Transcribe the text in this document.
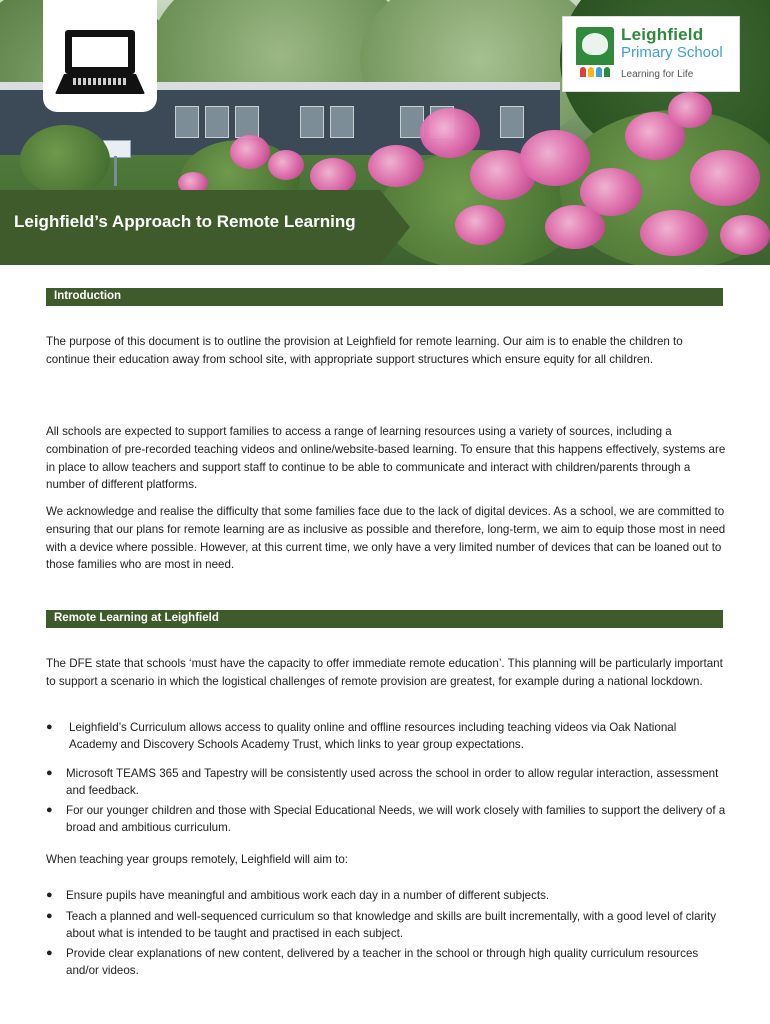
Leighfield
Primary School
Learning for Life
Leighfield’s Approach to Remote Learning
Introduction

The purpose of this document is to outline the provision at Leighfield for remote learning. Our aim is to enable the children to continue their education away from school site, with appropriate support structures which ensure equity for all children.

All schools are expected to support families to access a range of learning resources using a variety of sources, including a combination of pre-recorded teaching videos and online/website-based learning. To ensure that this happens effectively, systems are in place to allow teachers and support staff to continue to be able to communicate and interact with children/parents through a number of different platforms.

We acknowledge and realise the difficulty that some families face due to the lack of digital devices. As a school, we are committed to ensuring that our plans for remote learning are as inclusive as possible and therefore, long-term, we aim to equip those most in need with a device where possible. However, at this current time, we only have a very limited number of devices that can be loaned out to those families who are most in need.

Remote Learning at Leighfield

The DFE state that schools ‘must have the capacity to offer immediate remote education’. This planning will be particularly important to support a scenario in which the logistical challenges of remote provision are greatest, for example during a national lockdown.

● Leighfield’s Curriculum allows access to quality online and offline resources including teaching videos via Oak National Academy and Discovery Schools Academy Trust, which links to year group expectations.
● Microsoft TEAMS 365 and Tapestry will be consistently used across the school in order to allow regular interaction, assessment and feedback.
● For our younger children and those with Special Educational Needs, we will work closely with families to support the delivery of a broad and ambitious curriculum.

When teaching year groups remotely, Leighfield will aim to:

● Ensure pupils have meaningful and ambitious work each day in a number of different subjects.
● Teach a planned and well-sequenced curriculum so that knowledge and skills are built incrementally, with a good level of clarity about what is intended to be taught and practised in each subject.
● Provide clear explanations of new content, delivered by a teacher in the school or through high quality curriculum resources and/or videos.
